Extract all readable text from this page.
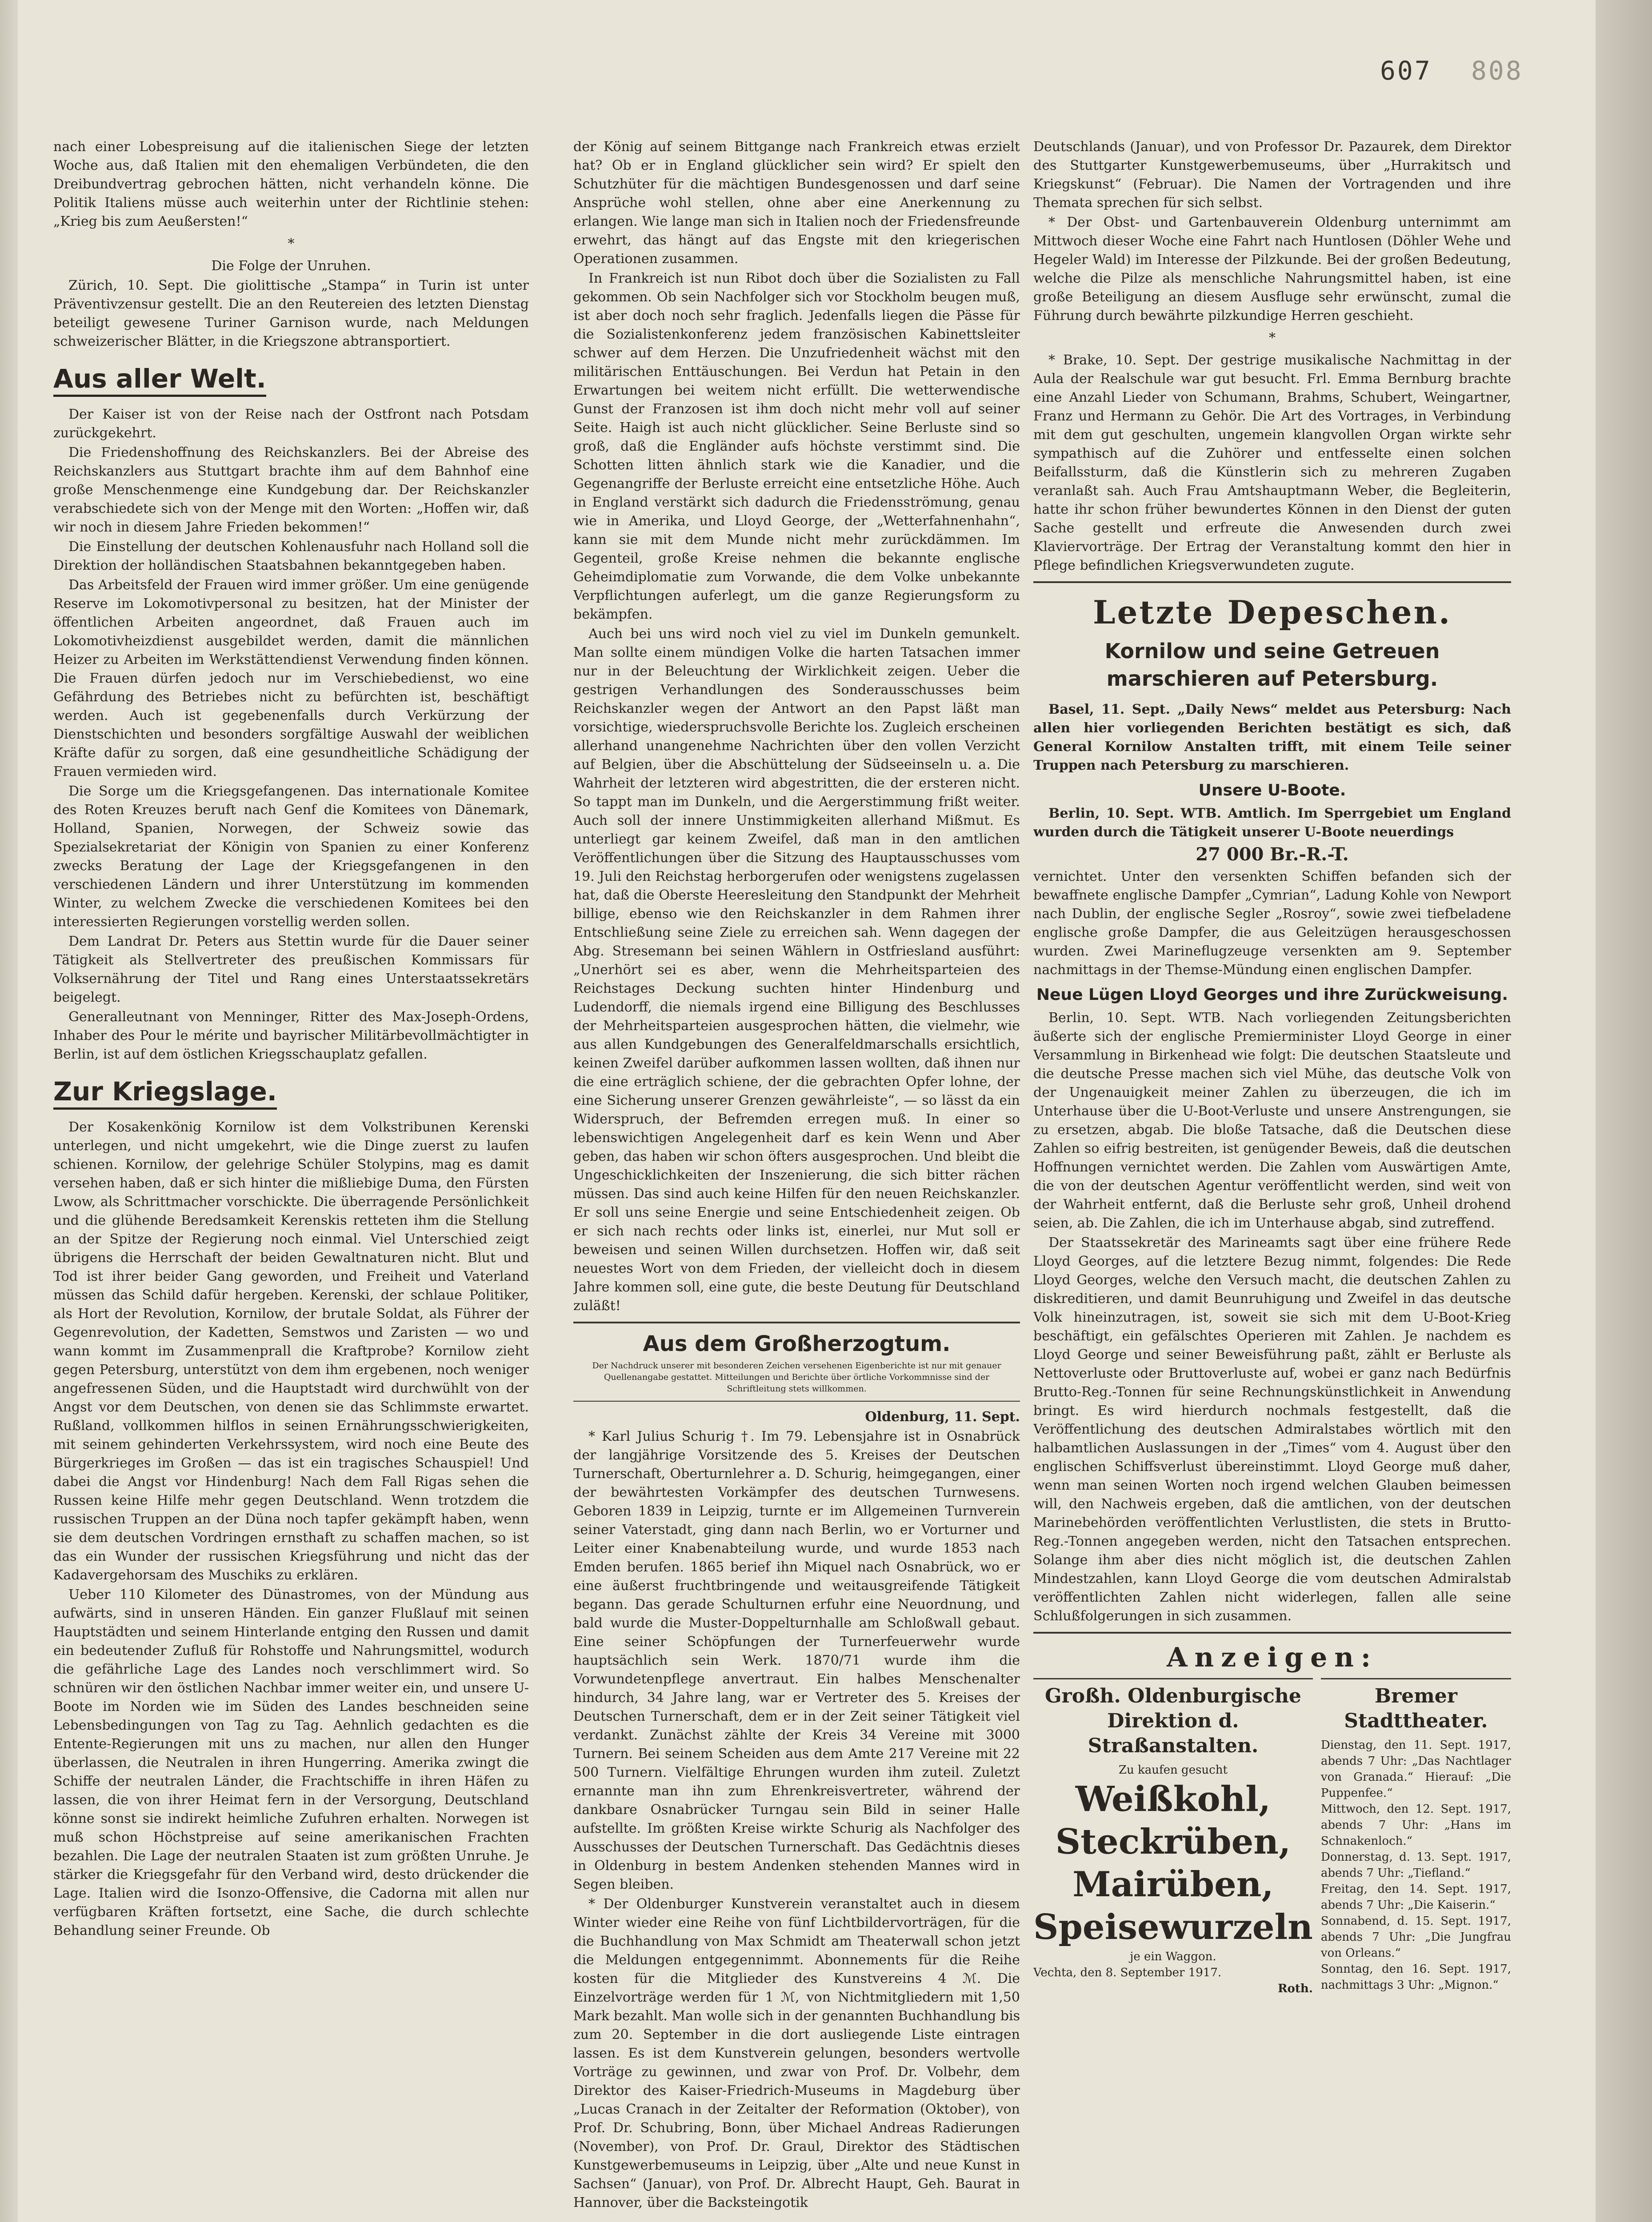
607 808

nach einer Lobespreisung auf die italienischen Siege der letzten Woche aus, daß Italien mit den ehemaligen Verbündeten, die den Dreibundvertrag gebrochen hätten, nicht verhandeln könne. Die Politik Italiens müsse auch weiterhin unter der Richtlinie stehen: „Krieg bis zum Aeußersten!“

*

Die Folge der Unruhen.

Zürich, 10. Sept. Die giolittische „Stampa“ in Turin ist unter Präventivzensur gestellt. Die an den Reutereien des letzten Dienstag beteiligt gewesene Turiner Garnison wurde, nach Meldungen schweizerischer Blätter, in die Kriegszone abtransportiert.

Aus aller Welt.

Der Kaiser ist von der Reise nach der Ostfront nach Potsdam zurückgekehrt.

Die Friedenshoffnung des Reichskanzlers. Bei der Abreise des Reichskanzlers aus Stuttgart brachte ihm auf dem Bahnhof eine große Menschenmenge eine Kundgebung dar. Der Reichskanzler verabschiedete sich von der Menge mit den Worten: „Hoffen wir, daß wir noch in diesem Jahre Frieden bekommen!“

Die Einstellung der deutschen Kohlenausfuhr nach Holland soll die Direktion der holländischen Staatsbahnen bekanntgegeben haben.

Das Arbeitsfeld der Frauen wird immer größer. Um eine genügende Reserve im Lokomotivpersonal zu besitzen, hat der Minister der öffentlichen Arbeiten angeordnet, daß Frauen auch im Lokomotivheizdienst ausgebildet werden, damit die männlichen Heizer zu Arbeiten im Werkstättendienst Verwendung finden können. Die Frauen dürfen jedoch nur im Verschiebedienst, wo eine Gefährdung des Betriebes nicht zu befürchten ist, beschäftigt werden. Auch ist gegebenenfalls durch Verkürzung der Dienstschichten und besonders sorgfältige Auswahl der weiblichen Kräfte dafür zu sorgen, daß eine gesundheitliche Schädigung der Frauen vermieden wird.

Die Sorge um die Kriegsgefangenen. Das internationale Komitee des Roten Kreuzes beruft nach Genf die Komitees von Dänemark, Holland, Spanien, Norwegen, der Schweiz sowie das Spezialsekretariat der Königin von Spanien zu einer Konferenz zwecks Beratung der Lage der Kriegsgefangenen in den verschiedenen Ländern und ihrer Unterstützung im kommenden Winter, zu welchem Zwecke die verschiedenen Komitees bei den interessierten Regierungen vorstellig werden sollen.

Dem Landrat Dr. Peters aus Stettin wurde für die Dauer seiner Tätigkeit als Stellvertreter des preußischen Kommissars für Volksernährung der Titel und Rang eines Unterstaatssekretärs beigelegt.

Generalleutnant von Menninger, Ritter des Max-Joseph-Ordens, Inhaber des Pour le mérite und bayrischer Militärbevollmächtigter in Berlin, ist auf dem östlichen Kriegsschauplatz gefallen.

Zur Kriegslage.

Der Kosakenkönig Kornilow ist dem Volkstribunen Kerenski unterlegen, und nicht umgekehrt, wie die Dinge zuerst zu laufen schienen. Kornilow, der gelehrige Schüler Stolypins, mag es damit versehen haben, daß er sich hinter die mißliebige Duma, den Fürsten Lwow, als Schrittmacher vorschickte. Die überragende Persönlichkeit und die glühende Beredsamkeit Kerenskis retteten ihm die Stellung an der Spitze der Regierung noch einmal. Viel Unterschied zeigt übrigens die Herrschaft der beiden Gewaltnaturen nicht. Blut und Tod ist ihrer beider Gang geworden, und Freiheit und Vaterland müssen das Schild dafür hergeben. Kerenski, der schlaue Politiker, als Hort der Revolution, Kornilow, der brutale Soldat, als Führer der Gegenrevolution, der Kadetten, Semstwos und Zaristen — wo und wann kommt im Zusammenprall die Kraftprobe? Kornilow zieht gegen Petersburg, unterstützt von dem ihm ergebenen, noch weniger angefressenen Süden, und die Hauptstadt wird durchwühlt von der Angst vor dem Deutschen, von denen sie das Schlimmste erwartet. Rußland, vollkommen hilflos in seinen Ernährungsschwierigkeiten, mit seinem gehinderten Verkehrssystem, wird noch eine Beute des Bürgerkrieges im Großen — das ist ein tragisches Schauspiel! Und dabei die Angst vor Hindenburg! Nach dem Fall Rigas sehen die Russen keine Hilfe mehr gegen Deutschland. Wenn trotzdem die russischen Truppen an der Düna noch tapfer gekämpft haben, wenn sie dem deutschen Vordringen ernsthaft zu schaffen machen, so ist das ein Wunder der russischen Kriegsführung und nicht das der Kadavergehorsam des Muschiks zu erklären.

Ueber 110 Kilometer des Dünastromes, von der Mündung aus aufwärts, sind in unseren Händen. Ein ganzer Flußlauf mit seinen Hauptstädten und seinem Hinterlande entging den Russen und damit ein bedeutender Zufluß für Rohstoffe und Nahrungsmittel, wodurch die gefährliche Lage des Landes noch verschlimmert wird. So schnüren wir den östlichen Nachbar immer weiter ein, und unsere U-Boote im Norden wie im Süden des Landes beschneiden seine Lebensbedingungen von Tag zu Tag. Aehnlich gedachten es die Entente-Regierungen mit uns zu machen, nur allen den Hunger überlassen, die Neutralen in ihren Hungerring. Amerika zwingt die Schiffe der neutralen Länder, die Frachtschiffe in ihren Häfen zu lassen, die von ihrer Heimat fern in der Versorgung, Deutschland könne sonst sie indirekt heimliche Zufuhren erhalten. Norwegen ist muß schon Höchstpreise auf seine amerikanischen Frachten bezahlen. Die Lage der neutralen Staaten ist zum größten Unruhe. Je stärker die Kriegsgefahr für den Verband wird, desto drückender die Lage. Italien wird die Isonzo-Offensive, die Cadorna mit allen nur verfügbaren Kräften fortsetzt, eine Sache, die durch schlechte Behandlung seiner Freunde. Ob

der König auf seinem Bittgange nach Frankreich etwas erzielt hat? Ob er in England glücklicher sein wird? Er spielt den Schutzhüter für die mächtigen Bundesgenossen und darf seine Ansprüche wohl stellen, ohne aber eine Anerkennung zu erlangen. Wie lange man sich in Italien noch der Friedensfreunde erwehrt, das hängt auf das Engste mit den kriegerischen Operationen zusammen.

In Frankreich ist nun Ribot doch über die Sozialisten zu Fall gekommen. Ob sein Nachfolger sich vor Stockholm beugen muß, ist aber doch noch sehr fraglich. Jedenfalls liegen die Pässe für die Sozialistenkonferenz jedem französischen Kabinettsleiter schwer auf dem Herzen. Die Unzufriedenheit wächst mit den militärischen Enttäuschungen. Bei Verdun hat Petain in den Erwartungen bei weitem nicht erfüllt. Die wetterwendische Gunst der Franzosen ist ihm doch nicht mehr voll auf seiner Seite. Haigh ist auch nicht glücklicher. Seine Berluste sind so groß, daß die Engländer aufs höchste verstimmt sind. Die Schotten litten ähnlich stark wie die Kanadier, und die Gegenangriffe der Berluste erreicht eine entsetzliche Höhe. Auch in England verstärkt sich dadurch die Friedensströmung, genau wie in Amerika, und Lloyd George, der „Wetterfahnenhahn“, kann sie mit dem Munde nicht mehr zurückdämmen. Im Gegenteil, große Kreise nehmen die bekannte englische Geheimdiplomatie zum Vorwande, die dem Volke unbekannte Verpflichtungen auferlegt, um die ganze Regierungsform zu bekämpfen.

Auch bei uns wird noch viel zu viel im Dunkeln gemunkelt. Man sollte einem mündigen Volke die harten Tatsachen immer nur in der Beleuchtung der Wirklichkeit zeigen. Ueber die gestrigen Verhandlungen des Sonderausschusses beim Reichskanzler wegen der Antwort an den Papst läßt man vorsichtige, wiederspruchsvolle Berichte los. Zugleich erscheinen allerhand unangenehme Nachrichten über den vollen Verzicht auf Belgien, über die Abschüttelung der Südseeinseln u. a. Die Wahrheit der letzteren wird abgestritten, die der ersteren nicht. So tappt man im Dunkeln, und die Aergerstimmung frißt weiter. Auch soll der innere Unstimmigkeiten allerhand Mißmut. Es unterliegt gar keinem Zweifel, daß man in den amtlichen Veröffentlichungen über die Sitzung des Hauptausschusses vom 19. Juli den Reichstag herborgerufen oder wenigstens zugelassen hat, daß die Oberste Heeresleitung den Standpunkt der Mehrheit billige, ebenso wie den Reichskanzler in dem Rahmen ihrer Entschließung seine Ziele zu erreichen sah. Wenn dagegen der Abg. Stresemann bei seinen Wählern in Ostfriesland ausführt: „Unerhört sei es aber, wenn die Mehrheitsparteien des Reichstages Deckung suchten hinter Hindenburg und Ludendorff, die niemals irgend eine Billigung des Beschlusses der Mehrheitsparteien ausgesprochen hätten, die vielmehr, wie aus allen Kundgebungen des Generalfeldmarschalls ersichtlich, keinen Zweifel darüber aufkommen lassen wollten, daß ihnen nur die eine erträglich schiene, der die gebrachten Opfer lohne, der eine Sicherung unserer Grenzen gewährleiste“, — so lässt da ein Widerspruch, der Befremden erregen muß. In einer so lebenswichtigen Angelegenheit darf es kein Wenn und Aber geben, das haben wir schon öfters ausgesprochen. Und bleibt die Ungeschicklichkeiten der Inszenierung, die sich bitter rächen müssen. Das sind auch keine Hilfen für den neuen Reichskanzler. Er soll uns seine Energie und seine Entschiedenheit zeigen. Ob er sich nach rechts oder links ist, einerlei, nur Mut soll er beweisen und seinen Willen durchsetzen. Hoffen wir, daß seit neuestes Wort von dem Frieden, der vielleicht doch in diesem Jahre kommen soll, eine gute, die beste Deutung für Deutschland zuläßt!

Aus dem Großherzogtum.
Der Nachdruck unserer mit besonderen Zeichen versehenen Eigenberichte ist nur mit genauer Quellenangabe gestattet. Mitteilungen und Berichte über örtliche Vorkommnisse sind der Schriftleitung stets willkommen.

Oldenburg, 11. Sept.

* Karl Julius Schurig †. Im 79. Lebensjahre ist in Osnabrück der langjährige Vorsitzende des 5. Kreises der Deutschen Turnerschaft, Oberturnlehrer a. D. Schurig, heimgegangen, einer der bewährtesten Vorkämpfer des deutschen Turnwesens. Geboren 1839 in Leipzig, turnte er im Allgemeinen Turnverein seiner Vaterstadt, ging dann nach Berlin, wo er Vorturner und Leiter einer Knabenabteilung wurde, und wurde 1853 nach Emden berufen. 1865 berief ihn Miquel nach Osnabrück, wo er eine äußerst fruchtbringende und weitausgreifende Tätigkeit begann. Das gerade Schulturnen erfuhr eine Neuordnung, und bald wurde die Muster-Doppelturnhalle am Schloßwall gebaut. Eine seiner Schöpfungen der Turnerfeuerwehr wurde hauptsächlich sein Werk. 1870/71 wurde ihm die Vorwundetenpflege anvertraut. Ein halbes Menschenalter hindurch, 34 Jahre lang, war er Vertreter des 5. Kreises der Deutschen Turnerschaft, dem er in der Zeit seiner Tätigkeit viel verdankt. Zunächst zählte der Kreis 34 Vereine mit 3000 Turnern. Bei seinem Scheiden aus dem Amte 217 Vereine mit 22 500 Turnern. Vielfältige Ehrungen wurden ihm zuteil. Zuletzt ernannte man ihn zum Ehrenkreisvertreter, während der dankbare Osnabrücker Turngau sein Bild in seiner Halle aufstellte. Im größten Kreise wirkte Schurig als Nachfolger des Ausschusses der Deutschen Turnerschaft. Das Gedächtnis dieses in Oldenburg in bestem Andenken stehenden Mannes wird in Segen bleiben.

* Der Oldenburger Kunstverein veranstaltet auch in diesem Winter wieder eine Reihe von fünf Lichtbildervorträgen, für die die Buchhandlung von Max Schmidt am Theaterwall schon jetzt die Meldungen entgegennimmt. Abonnements für die Reihe kosten für die Mitglieder des Kunstvereins 4 ℳ. Die Einzelvorträge werden für 1 ℳ, von Nichtmitgliedern mit 1,50 Mark bezahlt. Man wolle sich in der genannten Buchhandlung bis zum 20. September in die dort ausliegende Liste eintragen lassen. Es ist dem Kunstverein gelungen, besonders wertvolle Vorträge zu gewinnen, und zwar von Prof. Dr. Volbehr, dem Direktor des Kaiser-Friedrich-Museums in Magdeburg über „Lucas Cranach in der Zeitalter der Reformation (Oktober), von Prof. Dr. Schubring, Bonn, über Michael Andreas Radierungen (November), von Prof. Dr. Graul, Direktor des Städtischen Kunstgewerbemuseums in Leipzig, über „Alte und neue Kunst in Sachsen“ (Januar), von Prof. Dr. Albrecht Haupt, Geh. Baurat in Hannover, über die Backsteingotik

Deutschlands (Januar), und von Professor Dr. Pazaurek, dem Direktor des Stuttgarter Kunstgewerbemuseums, über „Hurrakitsch und Kriegskunst“ (Februar). Die Namen der Vortragenden und ihre Themata sprechen für sich selbst.

* Der Obst- und Gartenbauverein Oldenburg unternimmt am Mittwoch dieser Woche eine Fahrt nach Huntlosen (Döhler Wehe und Hegeler Wald) im Interesse der Pilzkunde. Bei der großen Bedeutung, welche die Pilze als menschliche Nahrungsmittel haben, ist eine große Beteiligung an diesem Ausfluge sehr erwünscht, zumal die Führung durch bewährte pilzkundige Herren geschieht.

*

* Brake, 10. Sept. Der gestrige musikalische Nachmittag in der Aula der Realschule war gut besucht. Frl. Emma Bernburg brachte eine Anzahl Lieder von Schumann, Brahms, Schubert, Weingartner, Franz und Hermann zu Gehör. Die Art des Vortrages, in Verbindung mit dem gut geschulten, ungemein klangvollen Organ wirkte sehr sympathisch auf die Zuhörer und entfesselte einen solchen Beifallssturm, daß die Künstlerin sich zu mehreren Zugaben veranlaßt sah. Auch Frau Amtshauptmann Weber, die Begleiterin, hatte ihr schon früher bewundertes Können in den Dienst der guten Sache gestellt und erfreute die Anwesenden durch zwei Klaviervorträge. Der Ertrag der Veranstaltung kommt den hier in Pflege befindlichen Kriegsverwundeten zugute.

Letzte Depeschen.
Kornilow und seine Getreuen marschieren auf Petersburg.

Basel, 11. Sept. „Daily News“ meldet aus Petersburg: Nach allen hier vorliegenden Berichten bestätigt es sich, daß General Kornilow Anstalten trifft, mit einem Teile seiner Truppen nach Petersburg zu marschieren.

Unsere U-Boote.

Berlin, 10. Sept. WTB. Amtlich. Im Sperrgebiet um England wurden durch die Tätigkeit unserer U-Boote neuerdings

27 000 Br.-R.-T.

vernichtet. Unter den versenkten Schiffen befanden sich der bewaffnete englische Dampfer „Cymrian“, Ladung Kohle von Newport nach Dublin, der englische Segler „Rosroy“, sowie zwei tiefbeladene englische große Dampfer, die aus Geleitzügen herausgeschossen wurden. Zwei Marineflugzeuge versenkten am 9. September nachmittags in der Themse-Mündung einen englischen Dampfer.

Neue Lügen Lloyd Georges und ihre Zurückweisung.

Berlin, 10. Sept. WTB. Nach vorliegenden Zeitungsberichten äußerte sich der englische Premierminister Lloyd George in einer Versammlung in Birkenhead wie folgt: Die deutschen Staatsleute und die deutsche Presse machen sich viel Mühe, das deutsche Volk von der Ungenauigkeit meiner Zahlen zu überzeugen, die ich im Unterhause über die U-Boot-Verluste und unsere Anstrengungen, sie zu ersetzen, abgab. Die bloße Tatsache, daß die Deutschen diese Zahlen so eifrig bestreiten, ist genügender Beweis, daß die deutschen Hoffnungen vernichtet werden. Die Zahlen vom Auswärtigen Amte, die von der deutschen Agentur veröffentlicht werden, sind weit von der Wahrheit entfernt, daß die Berluste sehr groß, Unheil drohend seien, ab. Die Zahlen, die ich im Unterhause abgab, sind zutreffend.

Der Staatssekretär des Marineamts sagt über eine frühere Rede Lloyd Georges, auf die letztere Bezug nimmt, folgendes: Die Rede Lloyd Georges, welche den Versuch macht, die deutschen Zahlen zu diskreditieren, und damit Beunruhigung und Zweifel in das deutsche Volk hineinzutragen, ist, soweit sie sich mit dem U-Boot-Krieg beschäftigt, ein gefälschtes Operieren mit Zahlen. Je nachdem es Lloyd George und seiner Beweisführung paßt, zählt er Berluste als Nettoverluste oder Bruttoverluste auf, wobei er ganz nach Bedürfnis Brutto-Reg.-Tonnen für seine Rechnungskünstlichkeit in Anwendung bringt. Es wird hierdurch nochmals festgestellt, daß die Veröffentlichung des deutschen Admiralstabes wörtlich mit den halbamtlichen Auslassungen in der „Times“ vom 4. August über den englischen Schiffsverlust übereinstimmt. Lloyd George muß daher, wenn man seinen Worten noch irgend welchen Glauben beimessen will, den Nachweis ergeben, daß die amtlichen, von der deutschen Marinebehörden veröffentlichten Verlustlisten, die stets in Brutto-Reg.-Tonnen angegeben werden, nicht den Tatsachen entsprechen. Solange ihm aber dies nicht möglich ist, die deutschen Zahlen Mindestzahlen, kann Lloyd George die vom deutschen Admiralstab veröffentlichten Zahlen nicht widerlegen, fallen alle seine Schlußfolgerungen in sich zusammen.

Anzeigen:
Großh. Oldenburgische Direktion d. Straßanstalten.
Zu kaufen gesucht
Weißkohl, Steckrüben, Mairüben, Speisewurzeln
je ein Waggon.
Vechta, den 8. September 1917.
Roth.
Bremer Stadttheater.
Dienstag, den 11. Sept. 1917, abends 7 Uhr: „Das Nachtlager von Granada.“ Hierauf: „Die Puppenfee.“
Mittwoch, den 12. Sept. 1917, abends 7 Uhr: „Hans im Schnakenloch.“
Donnerstag, d. 13. Sept. 1917, abends 7 Uhr: „Tiefland.“
Freitag, den 14. Sept. 1917, abends 7 Uhr: „Die Kaiserin.“
Sonnabend, d. 15. Sept. 1917, abends 7 Uhr: „Die Jungfrau von Orleans.“
Sonntag, den 16. Sept. 1917, nachmittags 3 Uhr: „Mignon.“
